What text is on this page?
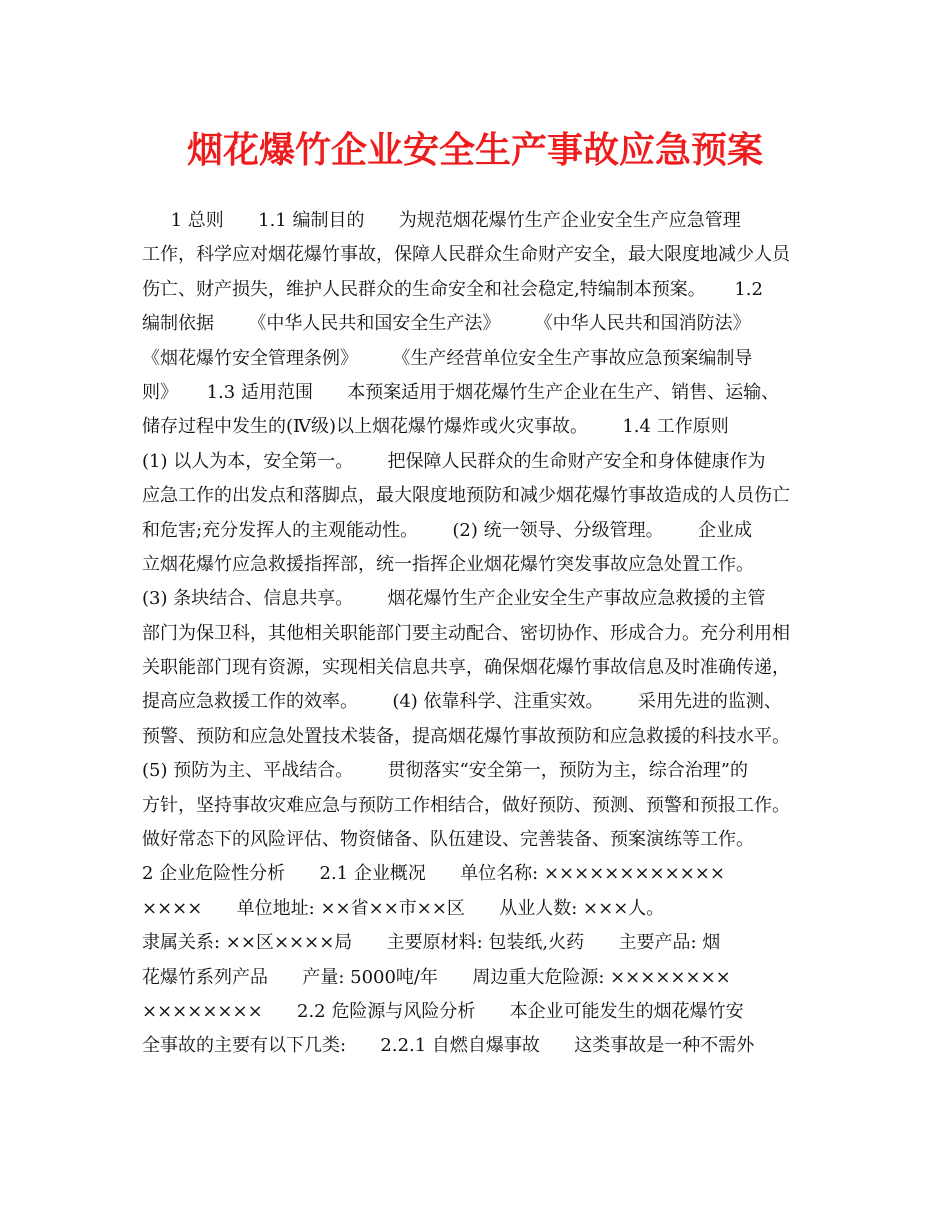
烟花爆竹企业安全生产事故应急预案
1 总则      1.1 编制目的      为规范烟花爆竹生产企业安全生产应急管理
工作，科学应对烟花爆竹事故，保障人民群众生命财产安全，最大限度地减少人员
伤亡、财产损失，维护人民群众的生命安全和社会稳定,特编制本预案。     1.2
编制依据      《中华人民共和国安全生产法》      《中华人民共和国消防法》
《烟花爆竹安全管理条例》      《生产经营单位安全生产事故应急预案编制导
则》     1.3 适用范围      本预案适用于烟花爆竹生产企业在生产、销售、运输、
储存过程中发生的(Ⅳ级)以上烟花爆竹爆炸或火灾事故。      1.4 工作原则
(1) 以人为本，安全第一。      把保障人民群众的生命财产安全和身体健康作为
应急工作的出发点和落脚点，最大限度地预防和减少烟花爆竹事故造成的人员伤亡
和危害;充分发挥人的主观能动性。      (2) 统一领导、分级管理。      企业成
立烟花爆竹应急救援指挥部，统一指挥企业烟花爆竹突发事故应急处置工作。
(3) 条块结合、信息共享。      烟花爆竹生产企业安全生产事故应急救援的主管
部门为保卫科，其他相关职能部门要主动配合、密切协作、形成合力。充分利用相
关职能部门现有资源，实现相关信息共享，确保烟花爆竹事故信息及时准确传递，
提高应急救援工作的效率。      (4) 依靠科学、注重实效。      采用先进的监测、
预警、预防和应急处置技术装备，提高烟花爆竹事故预防和应急救援的科技水平。
(5) 预防为主、平战结合。      贯彻落实“安全第一，预防为主，综合治理”的
方针，坚持事故灾难应急与预防工作相结合，做好预防、预测、预警和预报工作。
做好常态下的风险评估、物资储备、队伍建设、完善装备、预案演练等工作。
2 企业危险性分析      2.1 企业概况      单位名称: ××××××××××××
××××      单位地址: ××省××市××区      从业人数: ×××人。
隶属关系: ××区××××局      主要原材料: 包装纸,火药      主要产品: 烟
花爆竹系列产品      产量: 5000吨/年      周边重大危险源: ××××××××
××××××××      2.2 危险源与风险分析      本企业可能发生的烟花爆竹安
全事故的主要有以下几类:      2.2.1 自燃自爆事故      这类事故是一种不需外
